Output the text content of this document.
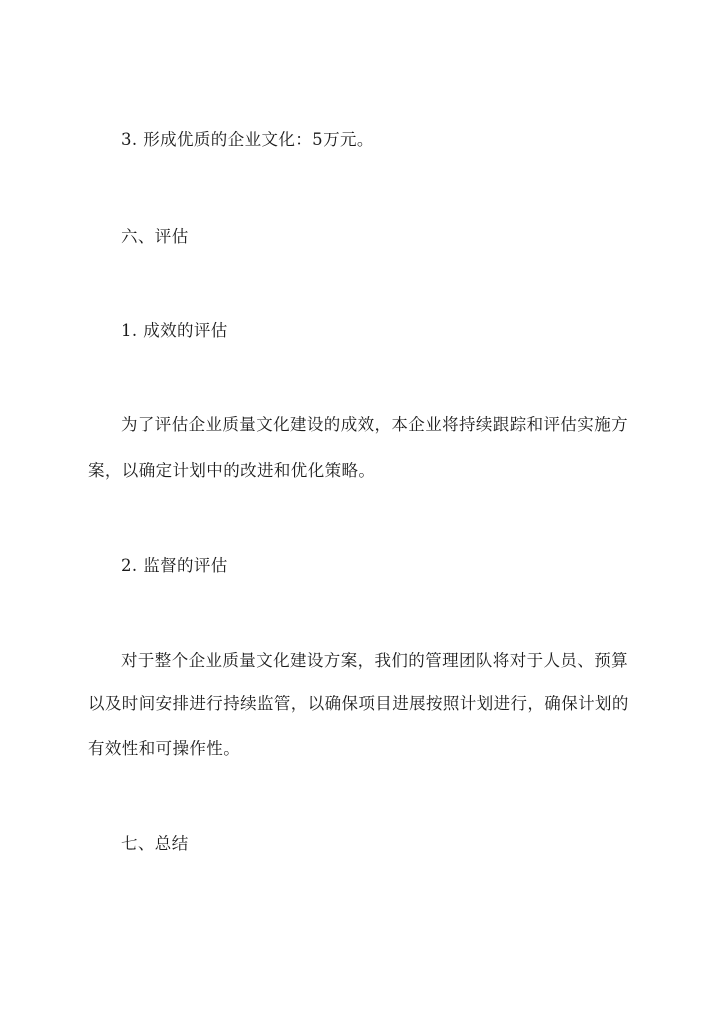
3. 形成优质的企业文化：5万元。
六、评估
1. 成效的评估
为了评估企业质量文化建设的成效，本企业将持续跟踪和评估实施方
案，以确定计划中的改进和优化策略。
2. 监督的评估
对于整个企业质量文化建设方案，我们的管理团队将对于人员、预算
以及时间安排进行持续监管，以确保项目进展按照计划进行，确保计划的
有效性和可操作性。
七、总结
